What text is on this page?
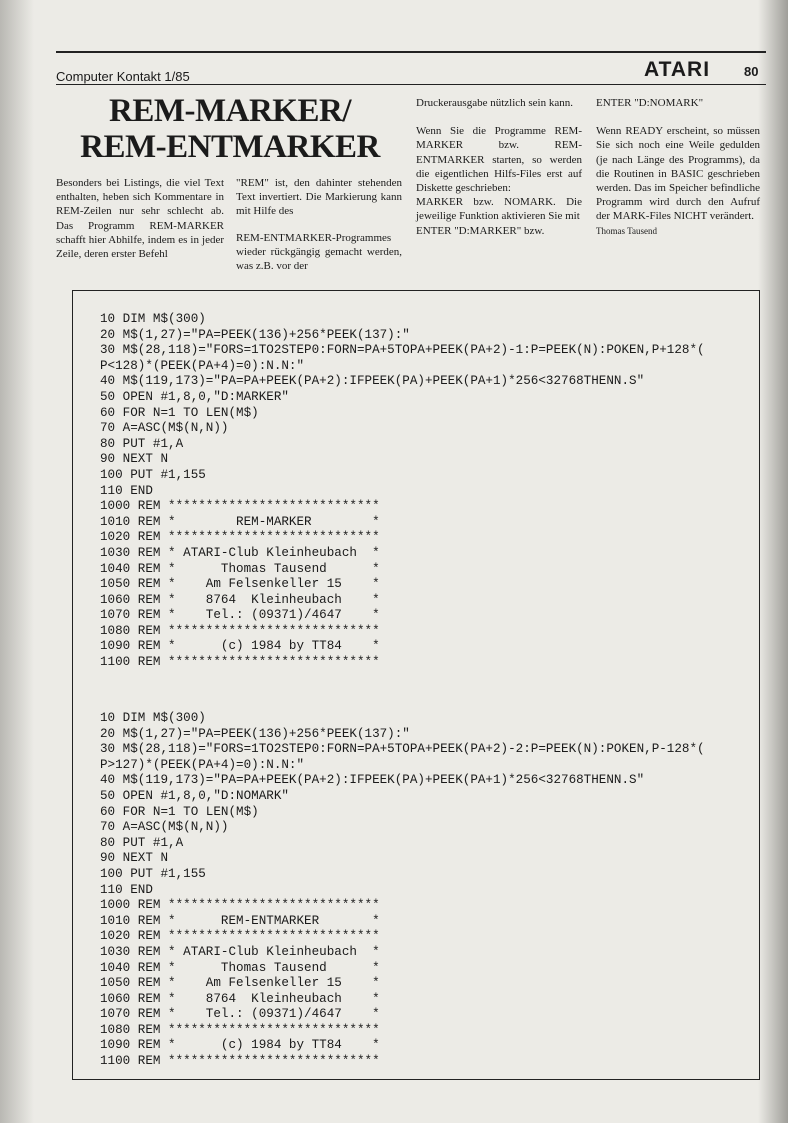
Computer Kontakt 1/85	ATARI	80
REM-MARKER/
REM-ENTMARKER

Besonders bei Listings, die viel Text enthalten, heben sich Kommentare in REM-Zeilen nur sehr schlecht ab. Das Programm REM-MARKER schafft hier Abhilfe, indem es in jeder Zeile, deren erster Befehl

"REM" ist, den dahinter stehenden Text invertiert. Die Markierung kann mit Hilfe des

REM-ENTMARKER-Programmes wieder rückgängig gemacht werden, was z.B. vor der

Druckerausgabe nützlich sein kann.

Wenn Sie die Programme REM-MARKER bzw. REM-ENTMARKER starten, so werden die eigentlichen Hilfs-Files erst auf Diskette geschrieben:

MARKER bzw. NOMARK. Die jeweilige Funktion aktivieren Sie mit

ENTER "D:MARKER" bzw.

ENTER "D:NOMARK"

Wenn READY erscheint, so müssen Sie sich noch eine Weile gedulden (je nach Länge des Programms), da die Routinen in BASIC geschrieben werden. Das im Speicher befindliche Programm wird durch den Aufruf der MARK-Files NICHT verändert.

Thomas Tausend

10 DIM M$(300)
20 M$(1,27)="PA=PEEK(136)+256*PEEK(137):"
30 M$(28,118)="FORS=1TO2STEP0:FORN=PA+5TOPA+PEEK(PA+2)-1:P=PEEK(N):POKEN,P+128*(
P<128)*(PEEK(PA+4)=0):N.N:"
40 M$(119,173)="PA=PA+PEEK(PA+2):IFPEEK(PA)+PEEK(PA+1)*256<32768THENN.S"
50 OPEN #1,8,0,"D:MARKER"
60 FOR N=1 TO LEN(M$)
70 A=ASC(M$(N,N))
80 PUT #1,A
90 NEXT N
100 PUT #1,155
110 END
1000 REM ****************************
1010 REM *        REM-MARKER        *
1020 REM ****************************
1030 REM * ATARI-Club Kleinheubach  *
1040 REM *      Thomas Tausend      *
1050 REM *    Am Felsenkeller 15    *
1060 REM *    8764  Kleinheubach    *
1070 REM *    Tel.: (09371)/4647    *
1080 REM ****************************
1090 REM *      (c) 1984 by TT84    *
1100 REM ****************************
10 DIM M$(300)
20 M$(1,27)="PA=PEEK(136)+256*PEEK(137):"
30 M$(28,118)="FORS=1TO2STEP0:FORN=PA+5TOPA+PEEK(PA+2)-2:P=PEEK(N):POKEN,P-128*(
P>127)*(PEEK(PA+4)=0):N.N:"
40 M$(119,173)="PA=PA+PEEK(PA+2):IFPEEK(PA)+PEEK(PA+1)*256<32768THENN.S"
50 OPEN #1,8,0,"D:NOMARK"
60 FOR N=1 TO LEN(M$)
70 A=ASC(M$(N,N))
80 PUT #1,A
90 NEXT N
100 PUT #1,155
110 END
1000 REM ****************************
1010 REM *      REM-ENTMARKER       *
1020 REM ****************************
1030 REM * ATARI-Club Kleinheubach  *
1040 REM *      Thomas Tausend      *
1050 REM *    Am Felsenkeller 15    *
1060 REM *    8764  Kleinheubach    *
1070 REM *    Tel.: (09371)/4647    *
1080 REM ****************************
1090 REM *      (c) 1984 by TT84    *
1100 REM ****************************
